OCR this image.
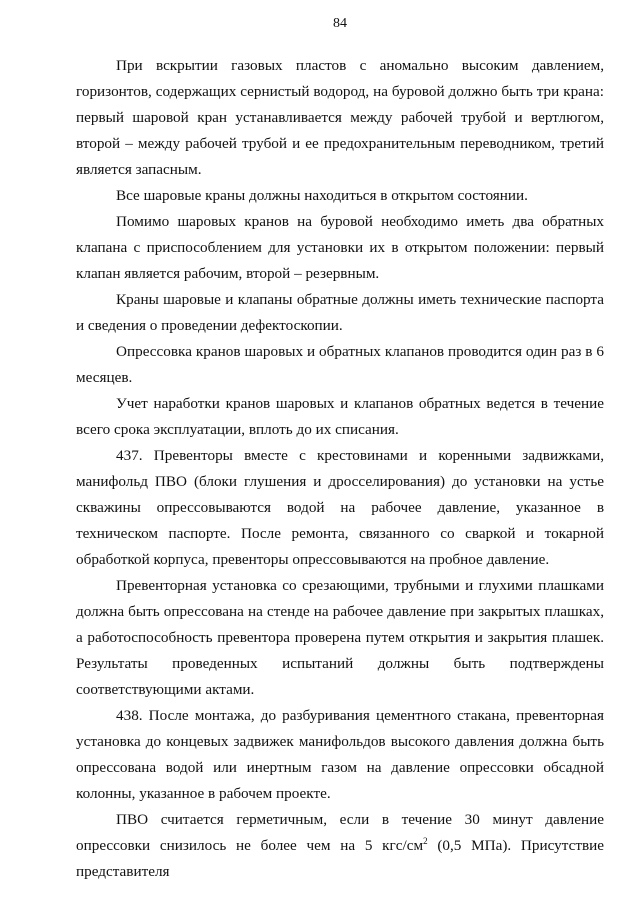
84

При вскрытии газовых пластов с аномально высоким давлением, горизонтов, содержащих сернистый водород, на буровой должно быть три крана: первый шаровой кран устанавливается между рабочей трубой и вертлюгом, второй – между рабочей трубой и ее предохранительным переводником, третий является запасным.

Все шаровые краны должны находиться в открытом состоянии.

Помимо шаровых кранов на буровой необходимо иметь два обратных клапана с приспособлением для установки их в открытом положении: первый клапан является рабочим, второй – резервным.

Краны шаровые и клапаны обратные должны иметь технические паспорта и сведения о проведении дефектоскопии.

Опрессовка кранов шаровых и обратных клапанов проводится один раз в 6 месяцев.

Учет наработки кранов шаровых и клапанов обратных ведется в течение всего срока эксплуатации, вплоть до их списания.

437. Превенторы вместе с крестовинами и коренными задвижками, манифольд ПВО (блоки глушения и дросселирования) до установки на устье скважины опрессовываются водой на рабочее давление, указанное в техническом паспорте. После ремонта, связанного со сваркой и токарной обработкой корпуса, превенторы опрессовываются на пробное давление.

Превенторная установка со срезающими, трубными и глухими плашками должна быть опрессована на стенде на рабочее давление при закрытых плашках, а работоспособность превентора проверена путем открытия и закрытия плашек. Результаты проведенных испытаний должны быть подтверждены соответствующими актами.

438. После монтажа, до разбуривания цементного стакана, превенторная установка до концевых задвижек манифольдов высокого давления должна быть опрессована водой или инертным газом на давление опрессовки обсадной колонны, указанное в рабочем проекте.

ПВО считается герметичным, если в течение 30 минут давление опрессовки снизилось не более чем на 5 кгс/$см^2$ (0,5 МПа). Присутствие представителя
